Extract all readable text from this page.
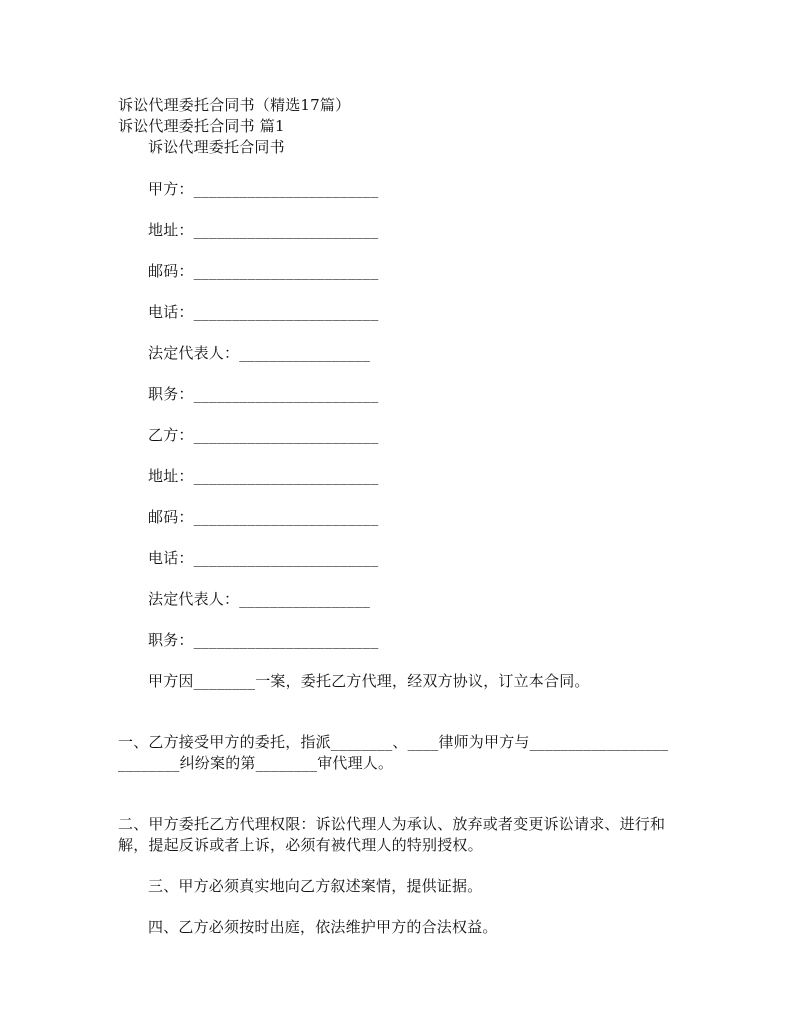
诉讼代理委托合同书（精选17篇）
诉讼代理委托合同书 篇1
诉讼代理委托合同书
甲方：________________________
地址：________________________
邮码：________________________
电话：________________________
法定代表人：_________________
职务：________________________
乙方：________________________
地址：________________________
邮码：________________________
电话：________________________
法定代表人：_________________
职务：________________________
甲方因________一案，委托乙方代理，经双方协议，订立本合同。
一、乙方接受甲方的委托，指派________、____律师为甲方与__________________
________纠纷案的第________审代理人。
二、甲方委托乙方代理权限：诉讼代理人为承认、放弃或者变更诉讼请求、进行和
解，提起反诉或者上诉，必须有被代理人的特别授权。
三、甲方必须真实地向乙方叙述案情，提供证据。
四、乙方必须按时出庭，依法维护甲方的合法权益。
